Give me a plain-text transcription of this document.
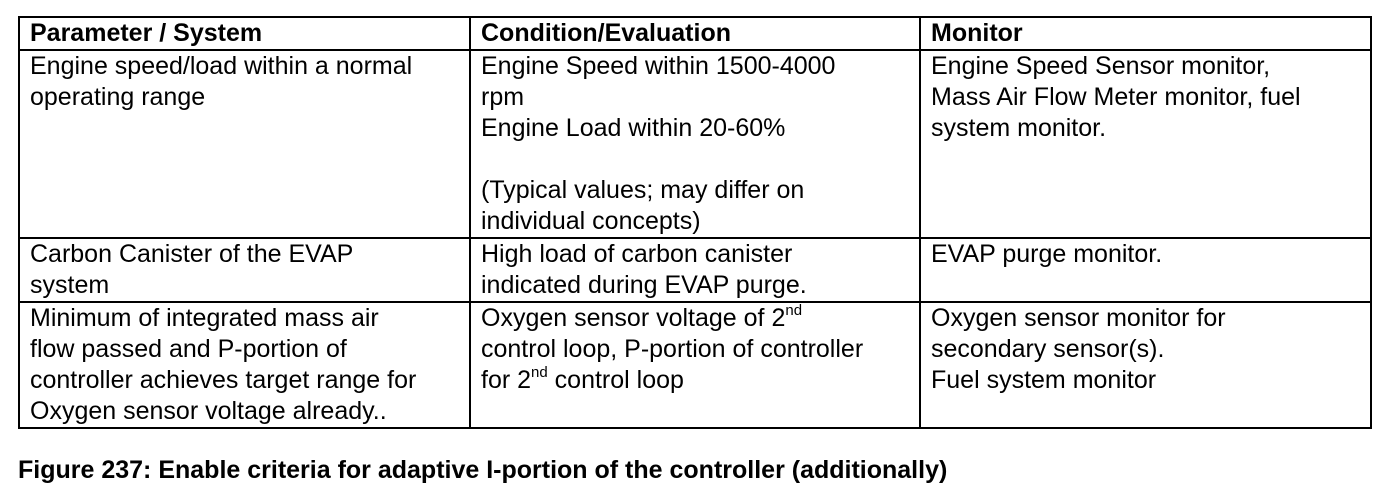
Parameter / System	Condition/Evaluation	Monitor

Engine speed/load within a normal
operating range	Engine Speed within 1500-4000
rpm
Engine Load within 20-60%
(Typical values; may differ on
individual concepts)	Engine Speed Sensor monitor,
Mass Air Flow Meter monitor, fuel
system monitor.

Carbon Canister of the EVAP
system	High load of carbon canister
indicated during EVAP purge.	EVAP purge monitor.

Minimum of integrated mass air
flow passed and P-portion of
controller achieves target range for
Oxygen sensor voltage already..	Oxygen sensor voltage of 2nd
control loop, P-portion of controller
for 2nd control loop	Oxygen sensor monitor for
secondary sensor(s).
Fuel system monitor
Figure 237: Enable criteria for adaptive I-portion of the controller (additionally)
